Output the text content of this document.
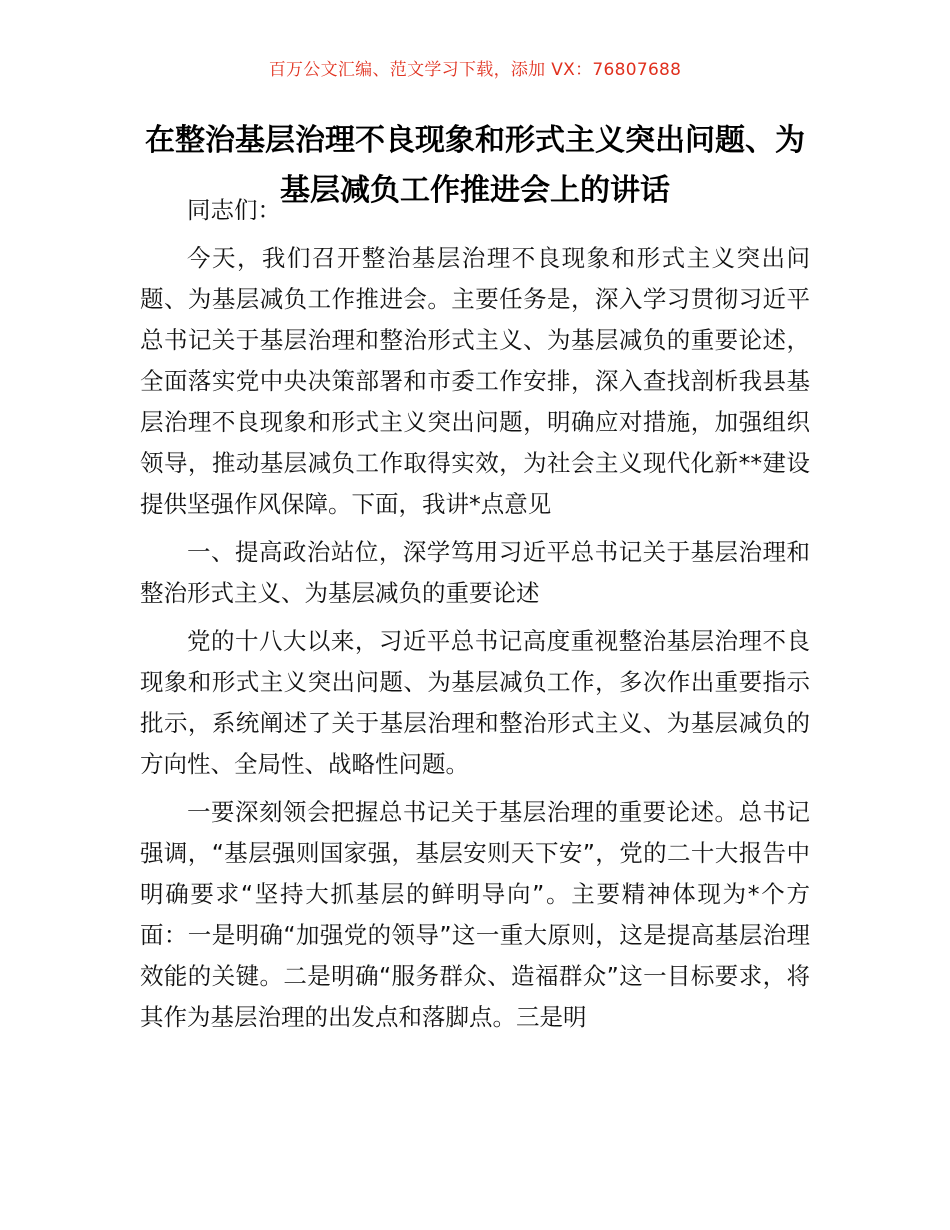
百万公文汇编、范文学习下载，添加 VX：76807688
在整治基层治理不良现象和形式主义突出问题、为基层减负工作推进会上的讲话

同志们：

今天，我们召开整治基层治理不良现象和形式主义突出问题、为基层减负工作推进会。主要任务是，深入学习贯彻习近平总书记关于基层治理和整治形式主义、为基层减负的重要论述，全面落实党中央决策部署和市委工作安排，深入查找剖析我县基层治理不良现象和形式主义突出问题，明确应对措施，加强组织领导，推动基层减负工作取得实效，为社会主义现代化新**建设提供坚强作风保障。下面，我讲*点意见

一、提高政治站位，深学笃用习近平总书记关于基层治理和整治形式主义、为基层减负的重要论述

党的十八大以来，习近平总书记高度重视整治基层治理不良现象和形式主义突出问题、为基层减负工作，多次作出重要指示批示，系统阐述了关于基层治理和整治形式主义、为基层减负的方向性、全局性、战略性问题。

一要深刻领会把握总书记关于基层治理的重要论述。总书记强调，“基层强则国家强，基层安则天下安”，党的二十大报告中明确要求“坚持大抓基层的鲜明导向”。主要精神体现为*个方面：一是明确“加强党的领导”这一重大原则，这是提高基层治理效能的关键。二是明确“服务群众、造福群众”这一目标要求，将其作为基层治理的出发点和落脚点。三是明
